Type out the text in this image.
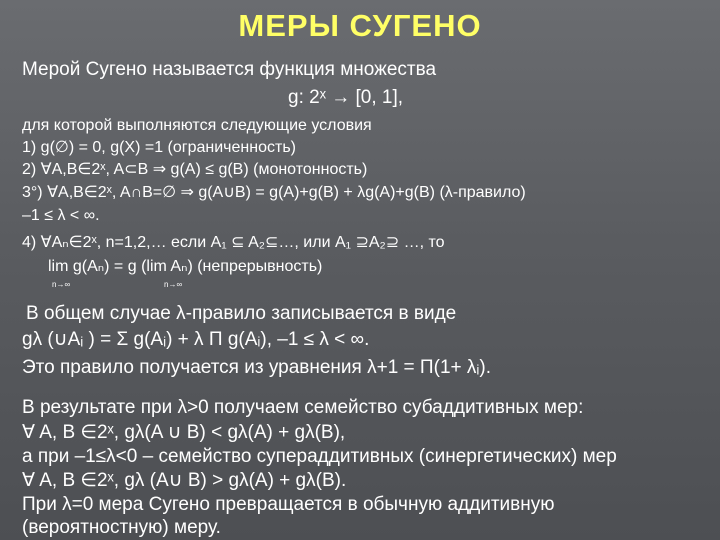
МЕРЫ СУГЕНО
Мерой Сугено называется функция множества
g: 2ˣ → [0, 1],
для которой выполняются следующие условия
1) g(∅) = 0, g(X) =1 (ограниченность)
2) ∀A,B∈2ˣ, A⊂B ⇒ g(A) ≤ g(B) (монотонность)
3°) ∀A,B∈2ˣ, A∩B=∅ ⇒ g(A∪B) = g(A)+g(B) + λg(A)+g(B) (λ-правило)
–1 ≤ λ < ∞.
4) ∀Aₙ∈2ˣ, n=1,2,… если A₁ ⊆ A₂⊆…, или A₁ ⊇A₂⊇ …, то
lim g(Aₙ) = g (lim Aₙ) (непрерывность)
n→∞	n→∞
В общем случае λ-правило записывается в виде
gλ (∪Aᵢ ) = Σ g(Aᵢ) + λ Π g(Aᵢ), –1 ≤ λ < ∞.
Это правило получается из уравнения λ+1 = Π(1+ λᵢ).
В результате при λ>0 получаем семейство субаддитивных мер:
∀ A, B ∈2ˣ, gλ(A ∪ B) < gλ(A) + gλ(B),
а при –1≤λ<0 – семейство супераддитивных (синергетических) мер
∀ A, B ∈2ˣ, gλ (A∪ B) > gλ(A) + gλ(B).
При λ=0 мера Сугено превращается в обычную аддитивную
(вероятностную) меру.
